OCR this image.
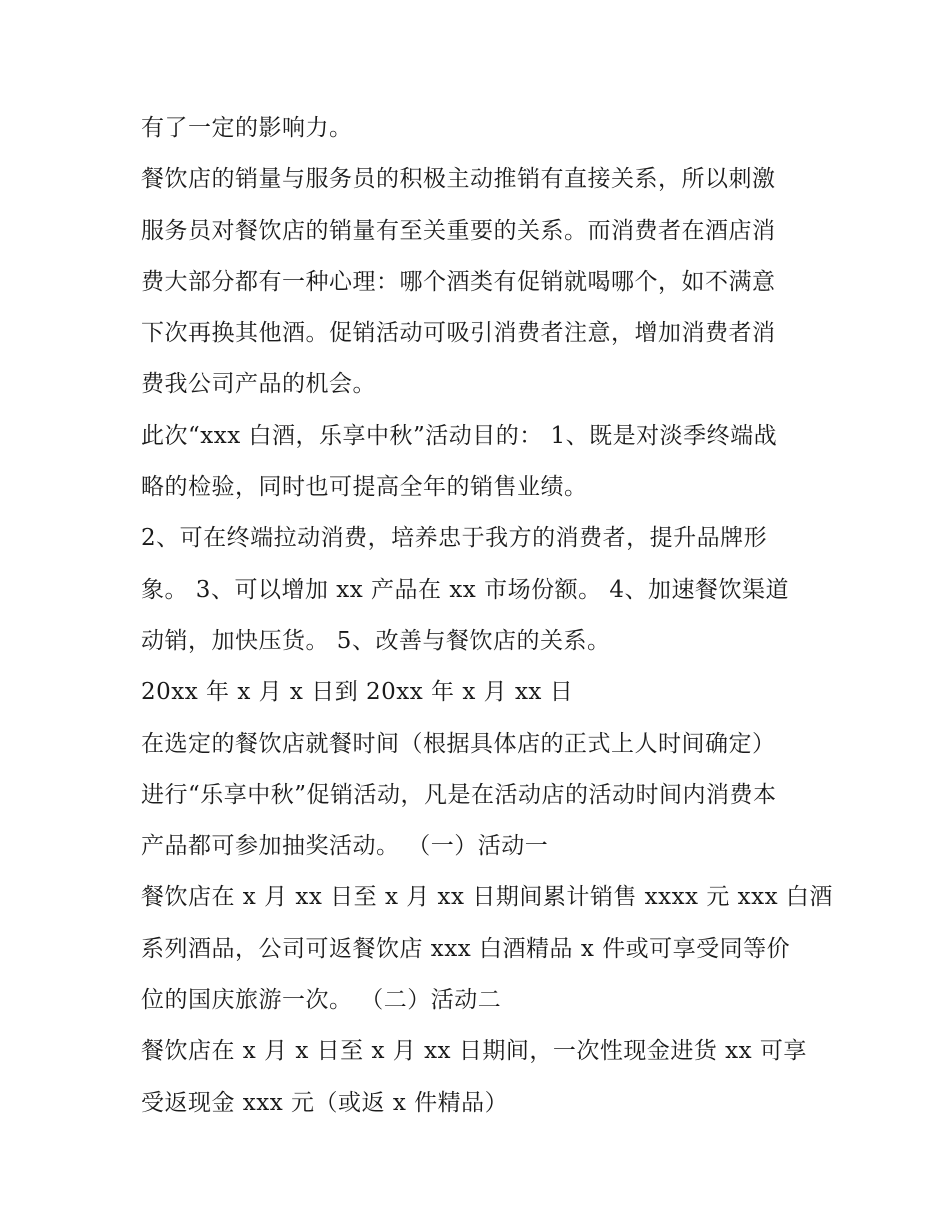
有了一定的影响力。
餐饮店的销量与服务员的积极主动推销有直接关系，所以刺激
服务员对餐饮店的销量有至关重要的关系。而消费者在酒店消
费大部分都有一种心理：哪个酒类有促销就喝哪个，如不满意
下次再换其他酒。促销活动可吸引消费者注意，增加消费者消
费我公司产品的机会。
此次“xxx 白酒，乐享中秋”活动目的： 1、既是对淡季终端战
略的检验，同时也可提高全年的销售业绩。
2、可在终端拉动消费，培养忠于我方的消费者，提升品牌形
象。 3、可以增加 xx 产品在 xx 市场份额。 4、加速餐饮渠道
动销，加快压货。 5、改善与餐饮店的关系。
20xx 年 x 月 x 日到 20xx 年 x 月 xx 日
在选定的餐饮店就餐时间（根据具体店的正式上人时间确定）
进行“乐享中秋”促销活动，凡是在活动店的活动时间内消费本
产品都可参加抽奖活动。 （一）活动一
餐饮店在 x 月 xx 日至 x 月 xx 日期间累计销售 xxxx 元 xxx 白酒
系列酒品，公司可返餐饮店 xxx 白酒精品 x 件或可享受同等价
位的国庆旅游一次。 （二）活动二
餐饮店在 x 月 x 日至 x 月 xx 日期间，一次性现金进货 xx 可享
受返现金 xxx 元（或返 x 件精品）
